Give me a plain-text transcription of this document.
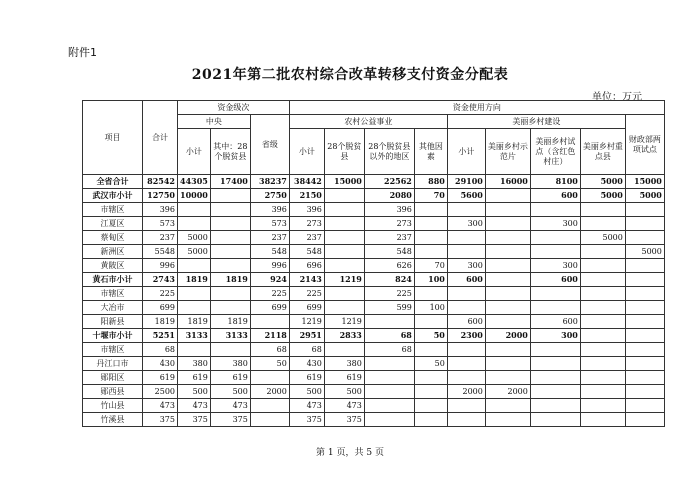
附件1
2021年第二批农村综合改革转移支付资金分配表
单位：万元
项目	合计	资金级次			资金使用方向								
		中央		省级	农村公益事业				美丽乡村建设				财政部两项试点
		小计	其中：28个脱贫县		小计	28个脱贫县	28个脱贫县以外的地区	其他因素	小计	美丽乡村示范片	美丽乡村试点（含红色村庄）	美丽乡村重点县	
全省合计	82542	44305	17400	38237	38442	15000	22562	880	29100	16000	8100	5000	15000
武汉市小计	12750	10000		2750	2150		2080	70	5600		600	5000	5000
市辖区	396			396	396		396						
江夏区	573			573	273		273		300		300		
蔡甸区	237	5000		237	237		237					5000	
新洲区	5548	5000		548	548		548						5000
黄陂区	996			996	696		626	70	300		300		
黄石市小计	2743	1819	1819	924	2143	1219	824	100	600		600		
市辖区	225			225	225		225						
大冶市	699			699	699		599	100					
阳新县	1819	1819	1819		1219	1219			600		600		
十堰市小计	5251	3133	3133	2118	2951	2833	68	50	2300	2000	300		
市辖区	68			68	68		68						
丹江口市	430	380	380	50	430	380		50					
郧阳区	619	619	619		619	619							
郧西县	2500	500	500	2000	500	500			2000	2000			
竹山县	473	473	473		473	473							
竹溪县	375	375	375		375	375							
第 1 页，共 5 页
